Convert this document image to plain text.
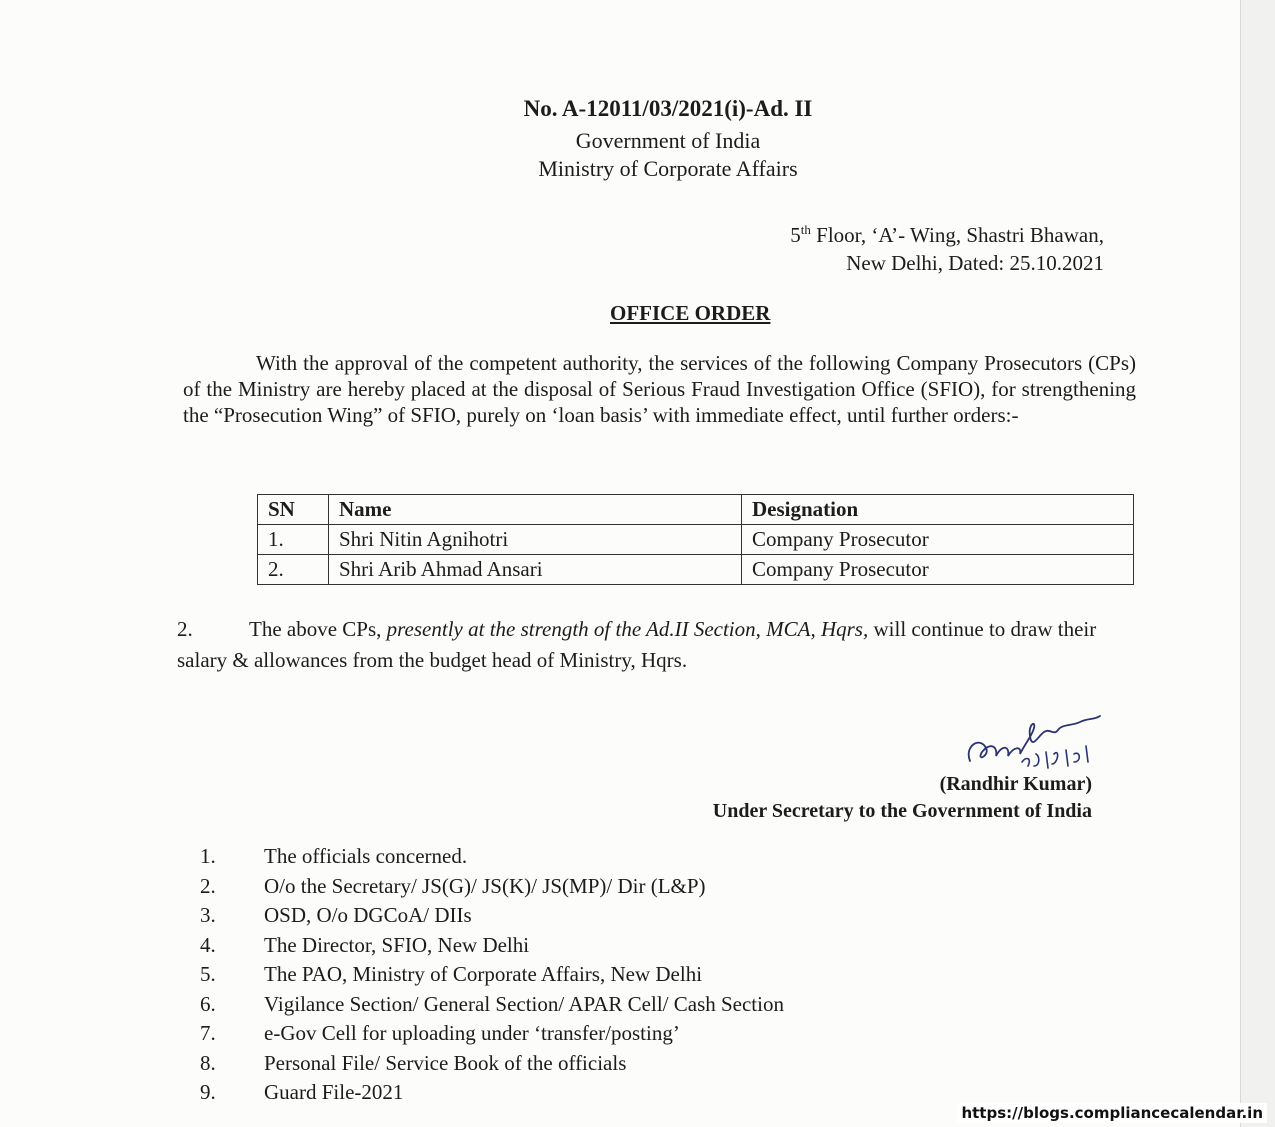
No. A-12011/03/2021(i)-Ad. II
Government of India
Ministry of Corporate Affairs
5th Floor, ‘A’- Wing, Shastri Bhawan,
New Delhi, Dated: 25.10.2021
OFFICE ORDER

With the approval of the competent authority, the services of the following Company Prosecutors (CPs) of the Ministry are hereby placed at the disposal of Serious Fraud Investigation Office (SFIO), for strengthening the “Prosecution Wing” of SFIO, purely on ‘loan basis’ with immediate effect, until further orders:-

SN	Name	Designation
1.	Shri Nitin Agnihotri	Company Prosecutor
2.	Shri Arib Ahmad Ansari	Company Prosecutor

2.	The above CPs, presently at the strength of the Ad.II Section, MCA, Hqrs, will continue to draw their salary & allowances from the budget head of Ministry, Hqrs.

(Randhir Kumar)
Under Secretary to the Government of India
1.	The officials concerned.
2.	O/o the Secretary/ JS(G)/ JS(K)/ JS(MP)/ Dir (L&P)
3.	OSD, O/o DGCoA/ DIIs
4.	The Director, SFIO, New Delhi
5.	The PAO, Ministry of Corporate Affairs, New Delhi
6.	Vigilance Section/ General Section/ APAR Cell/ Cash Section
7.	e-Gov Cell for uploading under ‘transfer/posting’
8.	Personal File/ Service Book of the officials
9.	Guard File-2021
https://blogs.compliancecalendar.in
